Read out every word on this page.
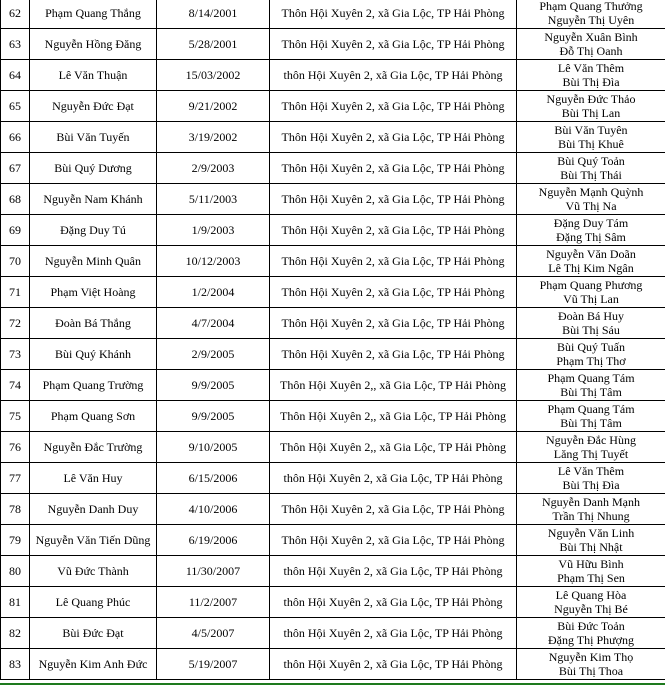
62	Phạm Quang Thắng	8/14/2001	Thôn Hội Xuyên 2, xã Gia Lộc, TP Hải Phòng	Phạm Quang Thưởng
Nguyễn Thị Uyên

63	Nguyễn Hồng Đăng	5/28/2001	Thôn Hội Xuyên 2, xã Gia Lộc, TP Hải Phòng	Nguyễn Xuân Bình
Đỗ Thị Oanh

64	Lê Văn Thuận	15/03/2002	thôn Hội Xuyên 2, xã Gia Lộc, TP Hải Phòng	Lê Văn Thêm
Bùi Thị Đìa

65	Nguyễn Đức Đạt	9/21/2002	Thôn Hội Xuyên 2, xã Gia Lộc, TP Hải Phòng	Nguyễn Đức Thảo
Bùi Thị Lan

66	Bùi Văn Tuyến	3/19/2002	Thôn Hội Xuyên 2, xã Gia Lộc, TP Hải Phòng	Bùi Văn Tuyên
Bùi Thị Khuê

67	Bùi Quý Dương	2/9/2003	Thôn Hội Xuyên 2, xã Gia Lộc, TP Hải Phòng	Bùi Quý Toản
Bùi Thị Thái

68	Nguyễn Nam Khánh	5/11/2003	Thôn Hội Xuyên 2, xã Gia Lộc, TP Hải Phòng	Nguyễn Mạnh Quỳnh
Vũ Thị Na

69	Đặng Duy Tú	1/9/2003	Thôn Hội Xuyên 2, xã Gia Lộc, TP Hải Phòng	Đặng Duy Tám
Đặng Thị Sâm

70	Nguyễn Minh Quân	10/12/2003	Thôn Hội Xuyên 2, xã Gia Lộc, TP Hải Phòng	Nguyễn Văn Doãn
Lê Thị Kim Ngân

71	Phạm Việt Hoàng	1/2/2004	Thôn Hội Xuyên 2, xã Gia Lộc, TP Hải Phòng	Phạm Quang Phương
Vũ Thị Lan

72	Đoàn Bá Thắng	4/7/2004	Thôn Hội Xuyên 2, xã Gia Lộc, TP Hải Phòng	Đoàn Bá Huy
Bùi Thị Sáu

73	Bùi Quý Khánh	2/9/2005	Thôn Hội Xuyên 2, xã Gia Lộc, TP Hải Phòng	Bùi Quý Tuấn
Phạm Thị Thơ

74	Phạm Quang Trường	9/9/2005	Thôn Hội Xuyên 2,, xã Gia Lộc, TP Hải Phòng	Phạm Quang Tám
Bùi Thị Tâm

75	Phạm Quang Sơn	9/9/2005	Thôn Hội Xuyên 2,, xã Gia Lộc, TP Hải Phòng	Phạm Quang Tám
Bùi Thị Tâm

76	Nguyễn Đắc Trường	9/10/2005	Thôn Hội Xuyên 2,, xã Gia Lộc, TP Hải Phòng	Nguyễn Đắc Hùng
Lăng Thị Tuyết

77	Lê Văn Huy	6/15/2006	thôn Hội Xuyên 2, xã Gia Lộc, TP Hải Phòng	Lê Văn Thêm
Bùi Thị Đìa

78	Nguyễn Danh Duy	4/10/2006	Thôn Hội Xuyên 2, xã Gia Lộc, TP Hải Phòng	Nguyễn Danh Mạnh
Trần Thị Nhung

79	Nguyễn Văn Tiến Dũng	6/19/2006	Thôn Hội Xuyên 2, xã Gia Lộc, TP Hải Phòng	Nguyễn Văn Linh
Bùi Thị Nhật

80	Vũ Đức Thành	11/30/2007	thôn Hội Xuyên 2, xã Gia Lộc, TP Hải Phòng	Vũ Hữu Bình
Phạm Thị Sen

81	Lê Quang Phúc	11/2/2007	thôn Hội Xuyên 2, xã Gia Lộc, TP Hải Phòng	Lê Quang Hòa
Nguyễn Thị Bé

82	Bùi Đức Đạt	4/5/2007	thôn Hội Xuyên 2, xã Gia Lộc, TP Hải Phòng	Bùi Đức Toản
Đặng Thị Phượng

83	Nguyễn Kim Anh Đức	5/19/2007	thôn Hội Xuyên 2, xã Gia Lộc, TP Hải Phòng	Nguyễn Kim Thọ
Bùi Thị Thoa
